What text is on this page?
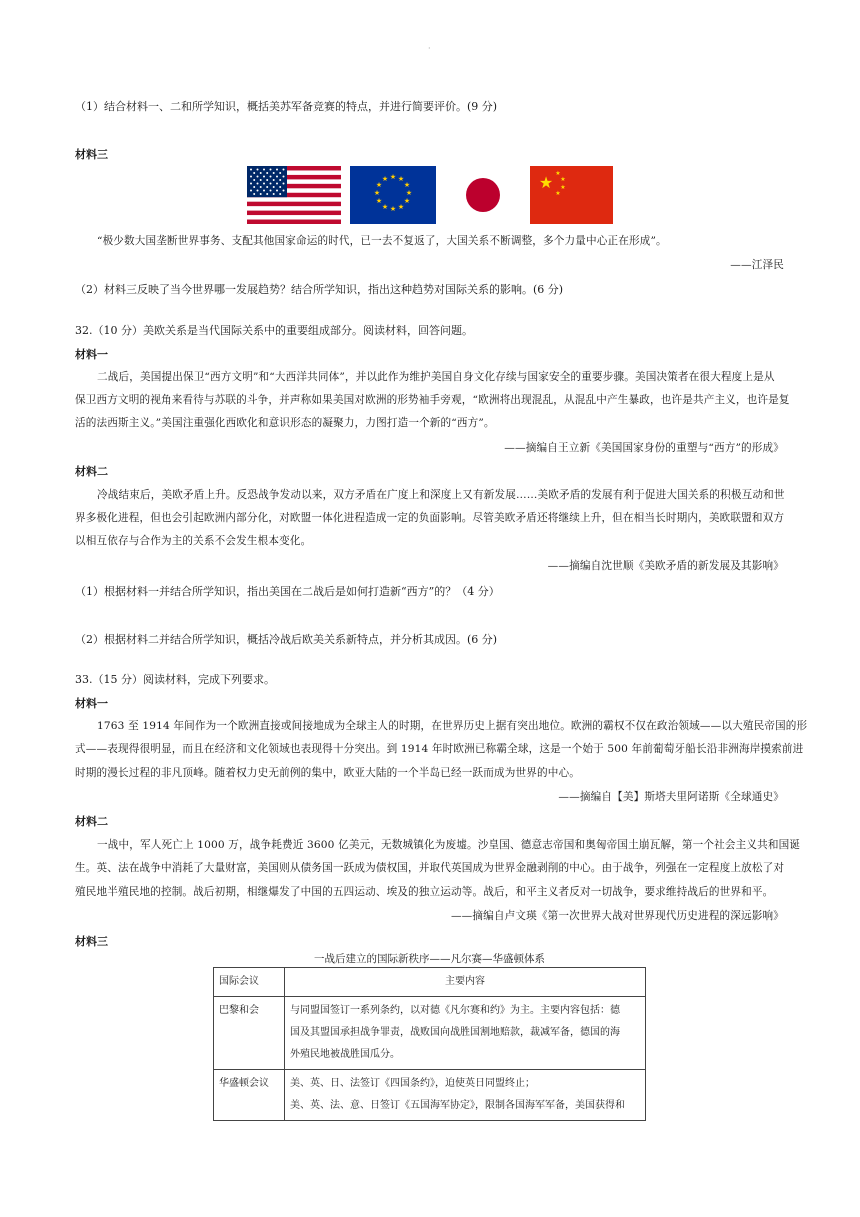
·
（1）结合材料一、二和所学知识，概括美苏军备竞赛的特点，并进行简要评价。(9 分)
材料三
★ ★
★
★
★
★
★
★
★
★
★
★	★ ★
★
★
★
“极少数大国垄断世界事务、支配其他国家命运的时代，已一去不复返了，大国关系不断调整，多个力量中心正在形成”。
——江泽民
（2）材料三反映了当今世界哪一发展趋势？结合所学知识，指出这种趋势对国际关系的影响。(6 分)
32.（10 分）美欧关系是当代国际关系中的重要组成部分。阅读材料，回答问题。
材料一
二战后，美国提出保卫“西方文明”和“大西洋共同体”，并以此作为维护美国自身文化存续与国家安全的重要步骤。美国决策者在很大程度上是从
保卫西方文明的视角来看待与苏联的斗争，并声称如果美国对欧洲的形势袖手旁观，“欧洲将出现混乱，从混乱中产生暴政，也许是共产主义，也许是复
活的法西斯主义。”美国注重强化西欧化和意识形态的凝聚力，力图打造一个新的“西方”。
——摘编自王立新《美国国家身份的重塑与“西方”的形成》
材料二
冷战结束后，美欧矛盾上升。反恐战争发动以来，双方矛盾在广度上和深度上又有新发展……美欧矛盾的发展有利于促进大国关系的积极互动和世
界多极化进程，但也会引起欧洲内部分化，对欧盟一体化进程造成一定的负面影响。尽管美欧矛盾还将继续上升，但在相当长时期内，美欧联盟和双方
以相互依存与合作为主的关系不会发生根本变化。
——摘编自沈世顺《美欧矛盾的新发展及其影响》
（1）根据材料一并结合所学知识，指出美国在二战后是如何打造新“西方”的？（4 分）
（2）根据材料二并结合所学知识，概括冷战后欧美关系新特点，并分析其成因。(6 分)
33.（15 分）阅读材料，完成下列要求。
材料一
1763 至 1914 年间作为一个欧洲直接或间接地成为全球主人的时期，在世界历史上据有突出地位。欧洲的霸权不仅在政治领域——以大殖民帝国的形
式——表现得很明显，而且在经济和文化领域也表现得十分突出。到 1914 年时欧洲已称霸全球，这是一个始于 500 年前葡萄牙船长沿非洲海岸摸索前进
时期的漫长过程的非凡顶峰。随着权力史无前例的集中，欧亚大陆的一个半岛已经一跃而成为世界的中心。
——摘编自【美】斯塔夫里阿诺斯《全球通史》
材料二
一战中，军人死亡上 1000 万，战争耗费近 3600 亿美元，无数城镇化为废墟。沙皇国、德意志帝国和奥匈帝国土崩瓦解，第一个社会主义共和国诞
生。英、法在战争中消耗了大量财富，美国则从债务国一跃成为债权国，并取代英国成为世界金融剥削的中心。由于战争，列强在一定程度上放松了对
殖民地半殖民地的控制。战后初期，相继爆发了中国的五四运动、埃及的独立运动等。战后，和平主义者反对一切战争，要求维持战后的世界和平。
——摘编自卢文瑛《第一次世界大战对世界现代历史进程的深远影响》
材料三
一战后建立的国际新秩序——凡尔赛—华盛顿体系
国际会议	主要内容
巴黎和会	与同盟国签订一系列条约，以对德《凡尔赛和约》为主。主要内容包括：德
国及其盟国承担战争罪责，战败国向战胜国割地赔款，裁减军备，德国的海
外殖民地被战胜国瓜分。

华盛顿会议	美、英、日、法签订《四国条约》，迫使英日同盟终止；
美、英、法、意、日签订《五国海军协定》，限制各国海军军备，美国获得和
